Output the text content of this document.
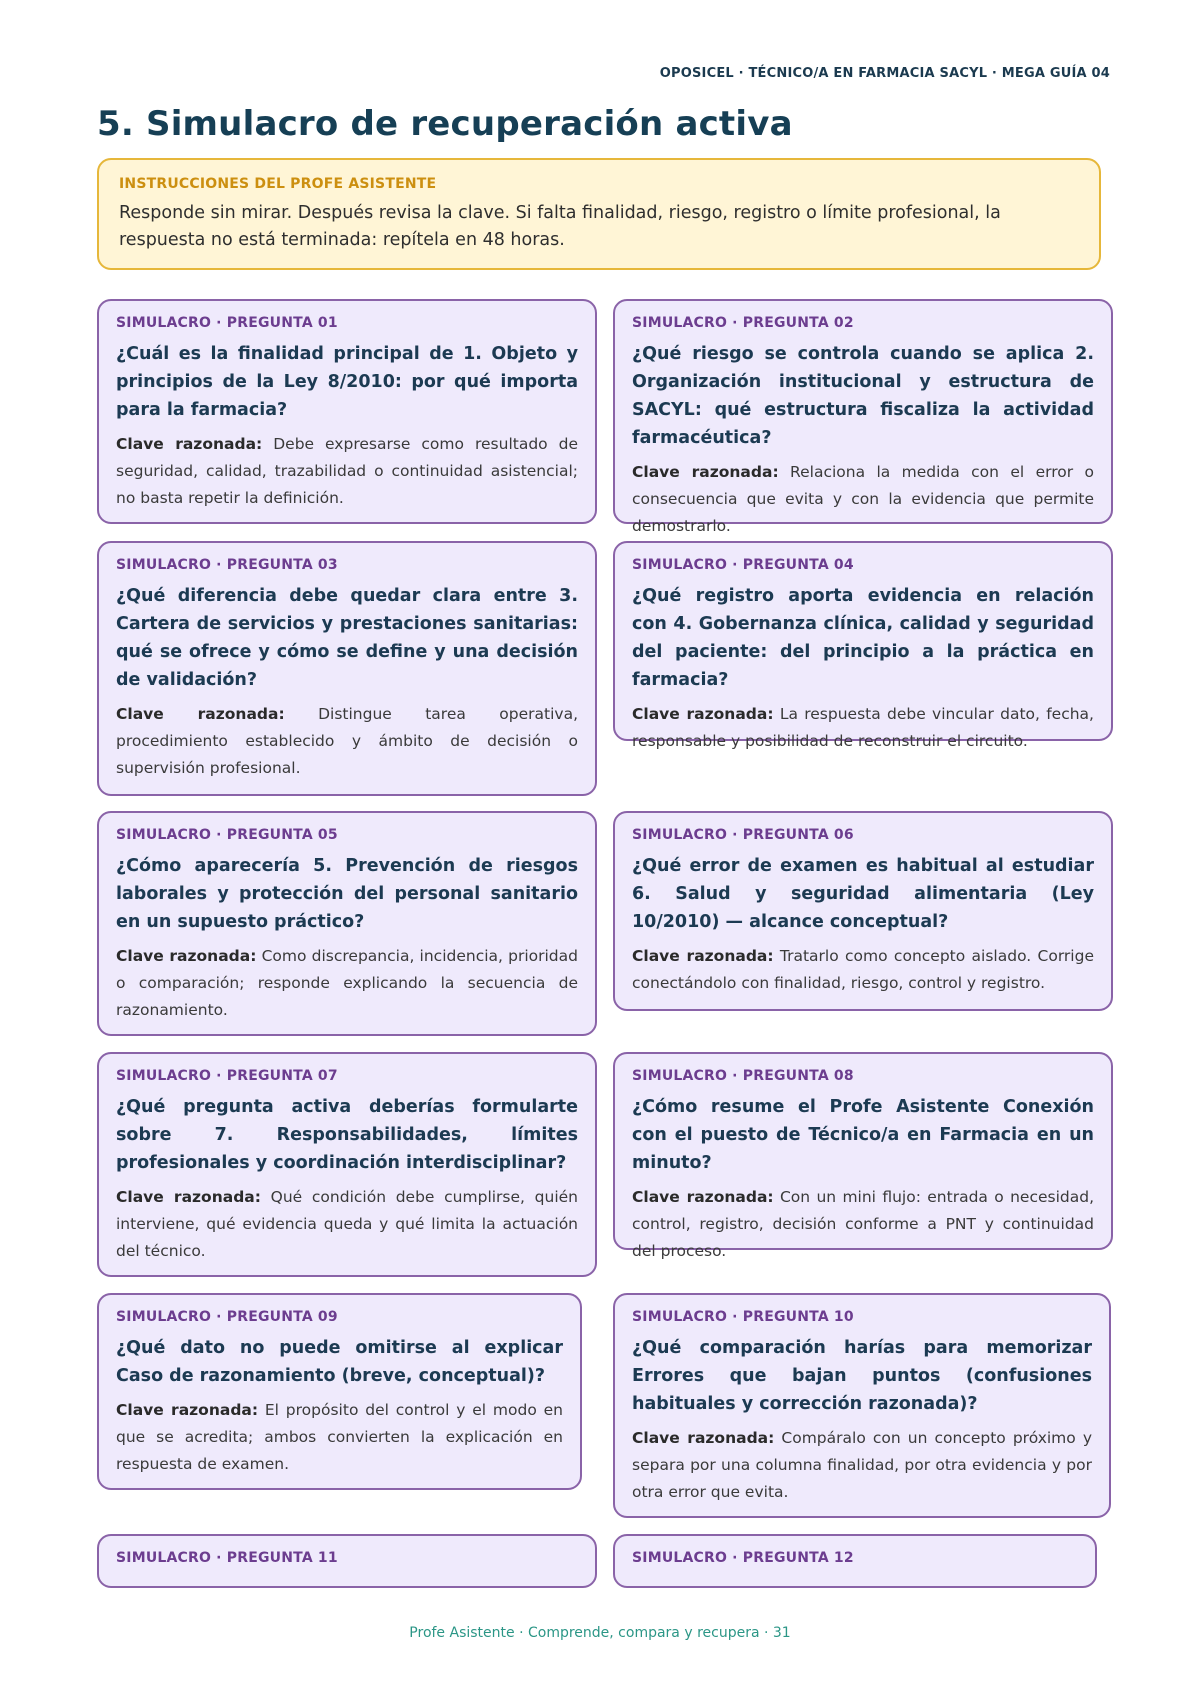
OPOSICEL · TÉCNICO/A EN FARMACIA SACYL · MEGA GUÍA 04
5. Simulacro de recuperación activa
INSTRUCCIONES DEL PROFE ASISTENTE
Responde sin mirar. Después revisa la clave. Si falta finalidad, riesgo, registro o límite profesional, la respuesta no está terminada: repítela en 48 horas.
SIMULACRO · PREGUNTA 01
¿Cuál es la finalidad principal de 1. Objeto y principios de la Ley 8/2010: por qué importa para la farmacia?
Clave razonada: Debe expresarse como resultado de seguridad, calidad, trazabilidad o continuidad asistencial; no basta repetir la definición.
SIMULACRO · PREGUNTA 02
¿Qué riesgo se controla cuando se aplica 2. Organización institucional y estructura de SACYL: qué estructura fiscaliza la actividad farmacéutica?
Clave razonada: Relaciona la medida con el error o consecuencia que evita y con la evidencia que permite demostrarlo.
SIMULACRO · PREGUNTA 03
¿Qué diferencia debe quedar clara entre 3. Cartera de servicios y prestaciones sanitarias: qué se ofrece y cómo se define y una decisión de validación?
Clave razonada: Distingue tarea operativa, procedimiento establecido y ámbito de decisión o supervisión profesional.
SIMULACRO · PREGUNTA 04
¿Qué registro aporta evidencia en relación con 4. Gobernanza clínica, calidad y seguridad del paciente: del principio a la práctica en farmacia?
Clave razonada: La respuesta debe vincular dato, fecha, responsable y posibilidad de reconstruir el circuito.
SIMULACRO · PREGUNTA 05
¿Cómo aparecería 5. Prevención de riesgos laborales y protección del personal sanitario en un supuesto práctico?
Clave razonada: Como discrepancia, incidencia, prioridad o comparación; responde explicando la secuencia de razonamiento.
SIMULACRO · PREGUNTA 06
¿Qué error de examen es habitual al estudiar 6. Salud y seguridad alimentaria (Ley 10/2010) — alcance conceptual?
Clave razonada: Tratarlo como concepto aislado. Corrige conectándolo con finalidad, riesgo, control y registro.
SIMULACRO · PREGUNTA 07
¿Qué pregunta activa deberías formularte sobre 7. Responsabilidades, límites profesionales y coordinación interdisciplinar?
Clave razonada: Qué condición debe cumplirse, quién interviene, qué evidencia queda y qué limita la actuación del técnico.
SIMULACRO · PREGUNTA 08
¿Cómo resume el Profe Asistente Conexión con el puesto de Técnico/a en Farmacia en un minuto?
Clave razonada: Con un mini flujo: entrada o necesidad, control, registro, decisión conforme a PNT y continuidad del proceso.
SIMULACRO · PREGUNTA 09
¿Qué dato no puede omitirse al explicar Caso de razonamiento (breve, conceptual)?
Clave razonada: El propósito del control y el modo en que se acredita; ambos convierten la explicación en respuesta de examen.
SIMULACRO · PREGUNTA 10
¿Qué comparación harías para memorizar Errores que bajan puntos (confusiones habituales y corrección razonada)?
Clave razonada: Compáralo con un concepto próximo y separa por una columna finalidad, por otra evidencia y por otra error que evita.
SIMULACRO · PREGUNTA 11	SIMULACRO · PREGUNTA 12
Profe Asistente · Comprende, compara y recupera · 31
